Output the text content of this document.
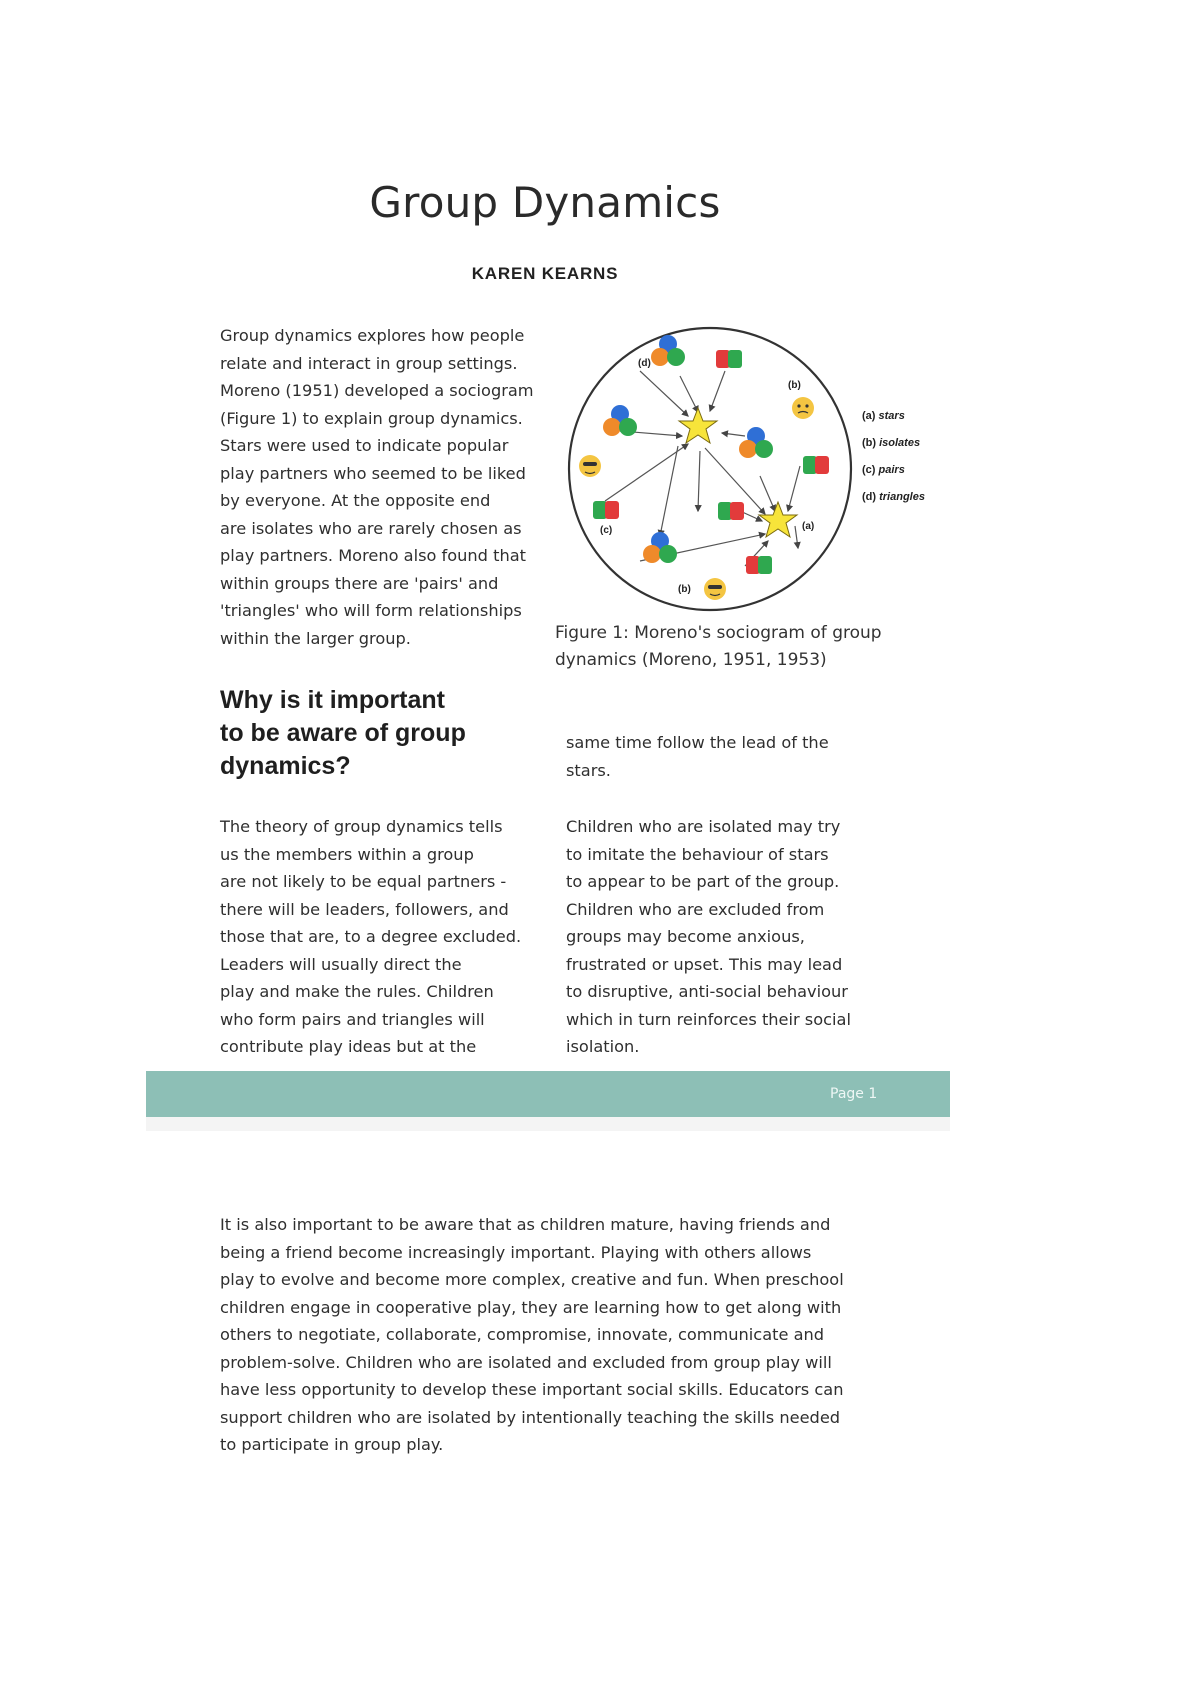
Group Dynamics
KAREN KEARNS
Group dynamics explores how people
relate and interact in group settings.
Moreno (1951) developed a sociogram
(Figure 1) to explain group dynamics.
Stars were used to indicate popular
play partners who seemed to be liked
by everyone. At the opposite end
are isolates who are rarely chosen as
play partners. Moreno also found that
within groups there are 'pairs' and
'triangles' who will form relationships
within the larger group.
(d)
(b)
(a)
(c)
(b)
(a) stars
(b) isolates
(c) pairs
(d) triangles
Figure 1: Moreno's sociogram of group
dynamics (Moreno, 1951, 1953)
Why is it important
to be aware of group
dynamics?
same time follow the lead of the
stars.
The theory of group dynamics tells
us the members within a group
are not likely to be equal partners -
there will be leaders, followers, and
those that are, to a degree excluded.
Leaders will usually direct the
play and make the rules. Children
who form pairs and triangles will
contribute play ideas but at the
Children who are isolated may try
to imitate the behaviour of stars
to appear to be part of the group.
Children who are excluded from
groups may become anxious,
frustrated or upset. This may lead
to disruptive, anti-social behaviour
which in turn reinforces their social
isolation.
Page 1
It is also important to be aware that as children mature, having friends and
being a friend become increasingly important. Playing with others allows
play to evolve and become more complex, creative and fun. When preschool
children engage in cooperative play, they are learning how to get along with
others to negotiate, collaborate, compromise, innovate, communicate and
problem-solve. Children who are isolated and excluded from group play will
have less opportunity to develop these important social skills. Educators can
support children who are isolated by intentionally teaching the skills needed
to participate in group play.
